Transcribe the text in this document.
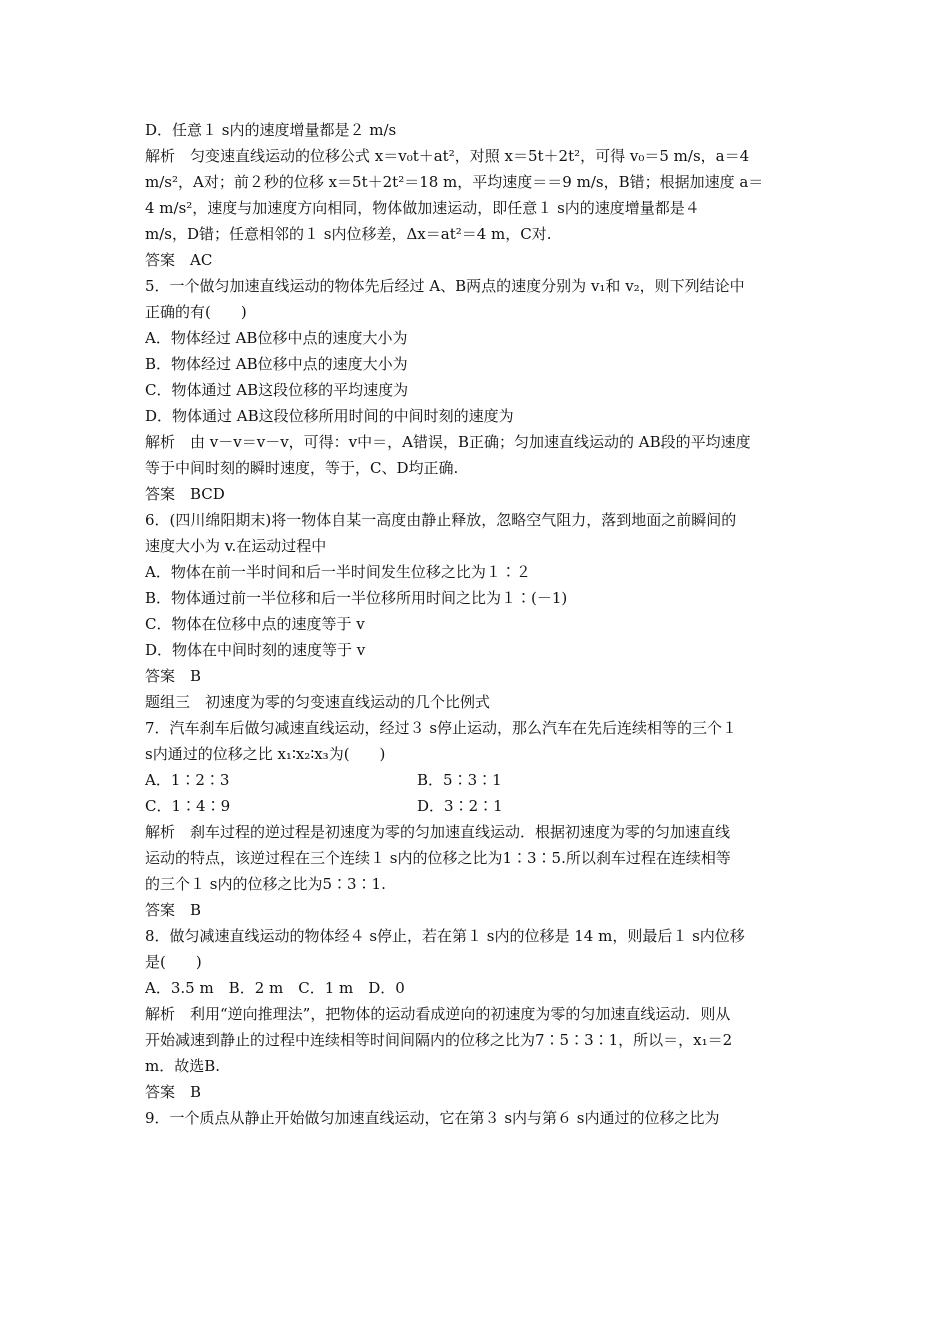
D．任意１ s内的速度增量都是２ m/s
解析　匀变速直线运动的位移公式 x＝v₀t＋at²，对照 x＝5t＋2t²，可得 v₀＝5 m/s，a＝4
m/s²，A对；前２秒的位移 x＝5t＋2t²＝18 m，平均速度＝＝9 m/s，B错；根据加速度 a＝
4 m/s²，速度与加速度方向相同，物体做加速运动，即任意１ s内的速度增量都是４
m/s，D错；任意相邻的１ s内位移差，Δx＝at²＝4 m，C对.
答案　AC
5．一个做匀加速直线运动的物体先后经过 A、B两点的速度分别为 v₁和 v₂，则下列结论中
正确的有(　　)
A．物体经过 AB位移中点的速度大小为
B．物体经过 AB位移中点的速度大小为
C．物体通过 AB这段位移的平均速度为
D．物体通过 AB这段位移所用时间的中间时刻的速度为
解析　由 v－v＝v－v，可得：v中＝，A错误，B正确；匀加速直线运动的 AB段的平均速度
等于中间时刻的瞬时速度，等于，C、D均正确.
答案　BCD
6．(四川绵阳期末)将一物体自某一高度由静止释放，忽略空气阻力，落到地面之前瞬间的
速度大小为 v.在运动过程中
A．物体在前一半时间和后一半时间发生位移之比为１∶２
B．物体通过前一半位移和后一半位移所用时间之比为１∶(－1)
C．物体在位移中点的速度等于 v
D．物体在中间时刻的速度等于 v
答案　B
题组三　初速度为零的匀变速直线运动的几个比例式
7．汽车刹车后做匀减速直线运动，经过３ s停止运动，那么汽车在先后连续相等的三个１
s内通过的位移之比 x₁∶x₂∶x₃为(　　)
A．1∶2∶3	B．5∶3∶1
C．1∶4∶9	D．3∶2∶1
解析　刹车过程的逆过程是初速度为零的匀加速直线运动．根据初速度为零的匀加速直线
运动的特点，该逆过程在三个连续１ s内的位移之比为1∶3∶5.所以刹车过程在连续相等
的三个１ s内的位移之比为5∶3∶1.
答案　B
8．做匀减速直线运动的物体经４ s停止，若在第１ s内的位移是 14 m，则最后１ s内位移
是(　　)
A．3.5 m　B．2 m　C．1 m　D．0
解析　利用“逆向推理法”，把物体的运动看成逆向的初速度为零的匀加速直线运动．则从
开始减速到静止的过程中连续相等时间间隔内的位移之比为7∶5∶3∶1，所以＝，x₁＝2
m．故选B.
答案　B
9．一个质点从静止开始做匀加速直线运动，它在第３ s内与第６ s内通过的位移之比为
